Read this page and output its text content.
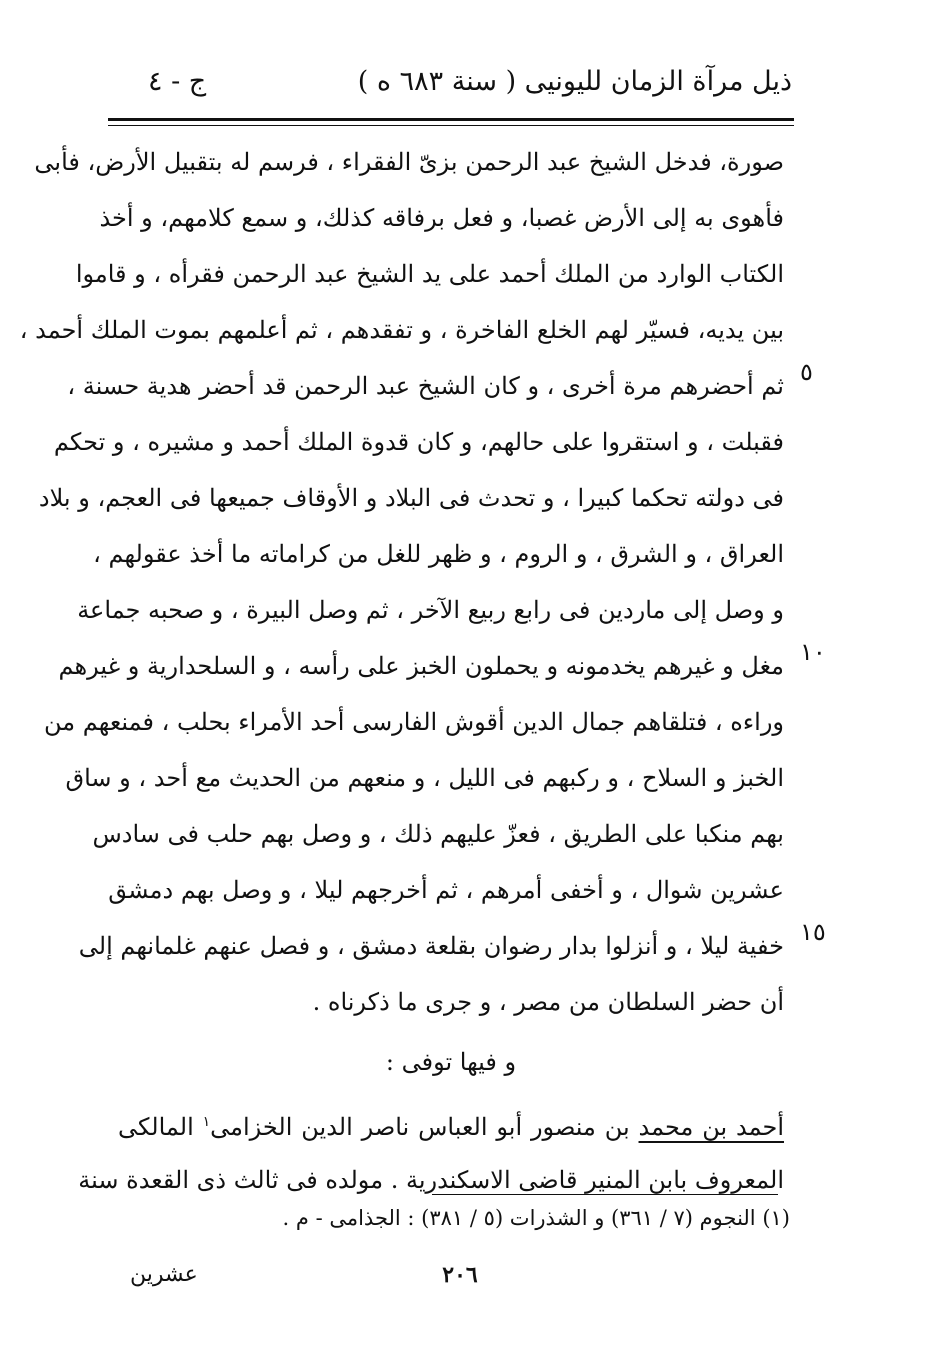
ذيل مرآة الزمان لليونيى ( سنة ٦٨٣ ه )
ج - ٤
صورة، فدخل الشيخ عبد الرحمن بزىّ الفقراء ، فرسم له بتقبيل الأرض، فأبى
فأهوى به إلى الأرض غصبا، و فعل برفاقه كذلك، و سمع كلامهم، و أخذ
الكتاب الوارد من الملك أحمد على يد الشيخ عبد الرحمن فقرأه ، و قاموا
بين يديه، فسيّر لهم الخلع الفاخرة ، و تفقدهم ، ثم أعلمهم بموت الملك أحمد ،
ثم أحضرهم مرة أخرى ، و كان الشيخ عبد الرحمن قد أحضر هدية حسنة ،
فقبلت ، و استقروا على حالهم، و كان قدوة الملك أحمد و مشيره ، و تحكم
فى دولته تحكما كبيرا ، و تحدث فى البلاد و الأوقاف جميعها فى العجم، و بلاد
العراق ، و الشرق ، و الروم ، و ظهر للغل من كراماته ما أخذ عقولهم ،
و وصل إلى ماردين فى رابع ربيع الآخر ، ثم وصل البيرة ، و صحبه جماعة
مغل و غيرهم يخدمونه و يحملون الخبز على رأسه ، و السلحدارية و غيرهم
وراءه ، فتلقاهم جمال الدين أقوش الفارسى أحد الأمراء بحلب ، فمنعهم من
الخبز و السلاح ، و ركبهم فى الليل ، و منعهم من الحديث مع أحد ، و ساق
بهم منكبا على الطريق ، فعزّ عليهم ذلك ، و وصل بهم حلب فى سادس
عشرين شوال ، و أخفى أمرهم ، ثم أخرجهم ليلا ، و وصل بهم دمشق
خفية ليلا ، و أنزلوا بدار رضوان بقلعة دمشق ، و فصل عنهم غلمانهم إلى
أن حضر السلطان من مصر ، و جرى ما ذكرناه .
و فيها توفى :
أحمد بن محمد بن منصور أبو العباس ناصر الدين الخزامى$^١$ المالكى
المعروف بابن المنير قاضى الاسكندرية . مولده فى ثالث ذى القعدة سنة
٥
١٠
١٥
(١) النجوم (٧ / ٣٦١) و الشذرات (٥ / ٣٨١) : الجذامى - م .
٢٠٦
عشرين
